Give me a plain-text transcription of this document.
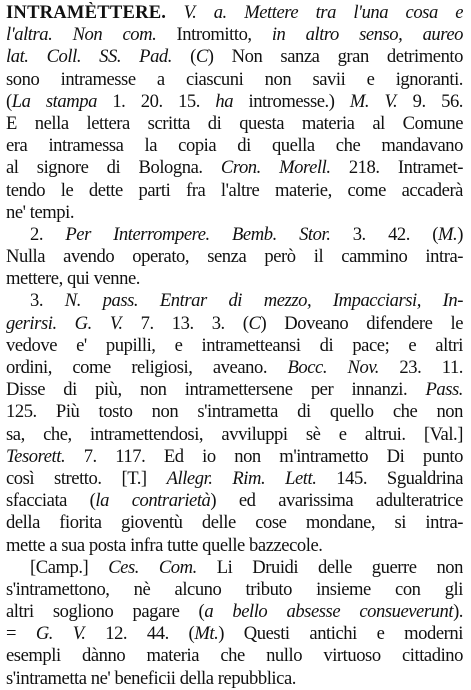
INTRAMÈTTERE. V. a. Mettere tra l'una cosa e
l'altra. Non com. Intromitto, in altro senso, aureo
lat. Coll. SS. Pad. (C) Non sanza gran detrimento
sono intramesse a ciascuni non savii e ignoranti.
(La stampa 1. 20. 15. ha intromesse.) M. V. 9. 56.
E nella lettera scritta di questa materia al Comune
era intramessa la copia di quella che mandavano
al signore di Bologna. Cron. Morell. 218. Intramet-
tendo le dette parti fra l'altre materie, come accaderà
ne' tempi.
2. Per Interrompere. Bemb. Stor. 3. 42. (M.)
Nulla avendo operato, senza però il cammino intra-
mettere, qui venne.
3. N. pass. Entrar di mezzo, Impacciarsi, In-
gerirsi. G. V. 7. 13. 3. (C) Doveano difendere le
vedove e' pupilli, e intrametteansi di pace; e altri
ordini, come religiosi, aveano. Bocc. Nov. 23. 11.
Disse di più, non intramettersene per innanzi. Pass.
125. Più tosto non s'intrametta di quello che non
sa, che, intramettendosi, avviluppi sè e altrui. [Val.]
Tesorett. 7. 117. Ed io non m'intrametto Di punto
così stretto. [T.] Allegr. Rim. Lett. 145. Sgualdrina
sfacciata (la contrarietà) ed avarissima adulteratrice
della fiorita gioventù delle cose mondane, si intra-
mette a sua posta infra tutte quelle bazzecole.
[Camp.] Ces. Com. Li Druidi delle guerre non
s'intramettono, nè alcuno tributo insieme con gli
altri sogliono pagare (a bello absesse consueverunt).
= G. V. 12. 44. (Mt.) Questi antichi e moderni
esempli dànno materia che nullo virtuoso cittadino
s'intrametta ne' beneficii della repubblica.
